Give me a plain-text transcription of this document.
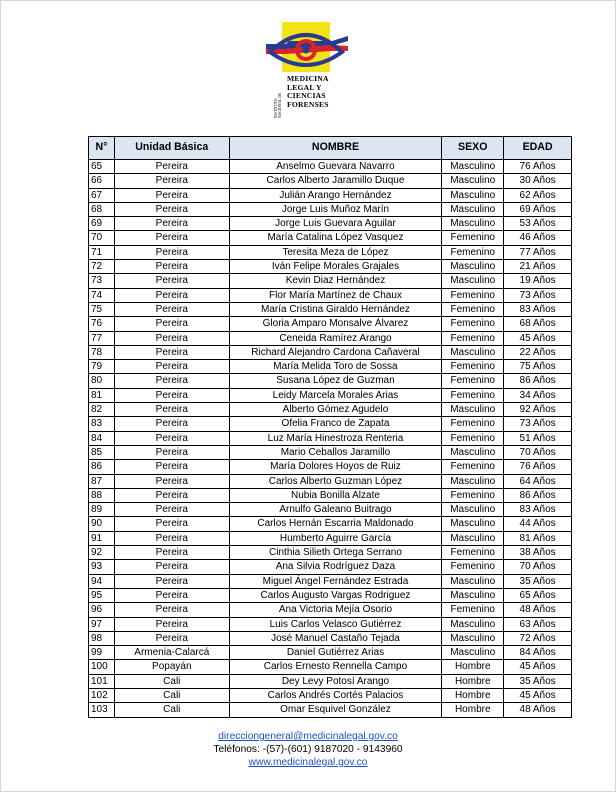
INSTITUTO NACIONAL DE
MEDICINA
LEGAL Y
CIENCIAS
FORENSES
N°	Unidad Básica	NOMBRE	SEXO	EDAD
65	Pereira	Anselmo Guevara Navarro	Masculino	76 Años
66	Pereira	Carlos Alberto Jaramillo Duque	Masculino	30 Años
67	Pereira	Julián Arango Hernández	Masculino	62 Años
68	Pereira	Jorge Luis Muñoz Marín	Masculino	69 Años
69	Pereira	Jorge Luis Guevara Aguilar	Masculino	53 Años
70	Pereira	María Catalina López Vasquez	Femenino	46 Años
71	Pereira	Teresita Meza de López	Femenino	77 Años
72	Pereira	Iván Felipe Morales Grajales	Masculino	21 Años
73	Pereira	Kevin Diaz Hernández	Masculino	19 Años
74	Pereira	Flor María Martínez de Chaux	Femenino	73 Años
75	Pereira	María Cristina Giraldo Hernández	Femenino	83 Años
76	Pereira	Gloria Amparo Monsalve Álvarez	Femenino	68 Años
77	Pereira	Ceneida Ramírez Arango	Femenino	45 Años
78	Pereira	Richard Alejandro Cardona Cañaveral	Masculino	22 Años
79	Pereira	María Melida Toro de Sossa	Femenino	75 Años
80	Pereira	Susana López de Guzman	Femenino	86 Años
81	Pereira	Leidy Marcela Morales Arias	Femenino	34 Años
82	Pereira	Alberto Gómez Agudelo	Masculino	92 Años
83	Pereira	Ofelia Franco de Zapata	Femenino	73 Años
84	Pereira	Luz María Hinestroza Renteria	Femenino	51 Años
85	Pereira	Mario Ceballos Jaramillo	Masculino	70 Años
86	Pereira	María Dolores Hoyos de Ruiz	Femenino	76 Años
87	Pereira	Carlos Alberto Guzman López	Masculino	64 Años
88	Pereira	Nubia Bonilla Alzate	Femenino	86 Años
89	Pereira	Arnulfo Galeano Buitrago	Masculino	83 Años
90	Pereira	Carlos Hernán Escarria Maldonado	Masculino	44 Años
91	Pereira	Humberto Aguirre García	Masculino	81 Años
92	Pereira	Cinthia Silieth Ortega Serrano	Femenino	38 Años
93	Pereira	Ana Silvia Rodríguez Daza	Femenino	70 Años
94	Pereira	Miguel Ángel Fernández Estrada	Masculino	35 Años
95	Pereira	Carlos Augusto Vargas Rodriguez	Masculino	65 Años
96	Pereira	Ana Victoria Mejía Osorio	Femenino	48 Años
97	Pereira	Luis Carlos Velasco Gutiérrez	Masculino	63 Años
98	Pereira	José Manuel Castaño Tejada	Masculino	72 Años
99	Armenia-Calarcá	Daniel Gutiérrez Arias	Masculino	84 Años
100	Popayán	Carlos Ernesto Rennella Campo	Hombre	45 Años
101	Cali	Dey Levy Potosí Arango	Hombre	35 Años
102	Cali	Carlos Andrés Cortés Palacios	Hombre	45 Años
103	Cali	Omar Esquivel González	Hombre	48 Años
direcciongeneral@medicinalegal.gov.co
Teléfonos: -(57)-(601) 9187020 - 9143960
www.medicinalegal.gov.co
